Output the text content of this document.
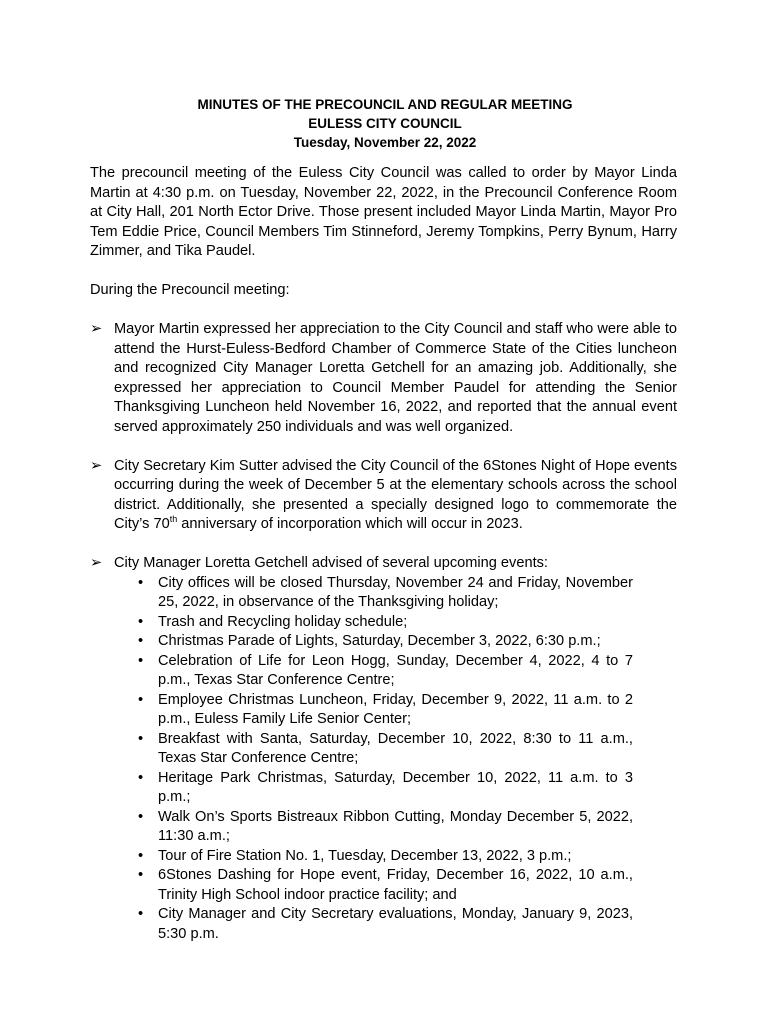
MINUTES OF THE PRECOUNCIL AND REGULAR MEETING
EULESS CITY COUNCIL
Tuesday, November 22, 2022

The precouncil meeting of the Euless City Council was called to order by Mayor Linda Martin at 4:30 p.m. on Tuesday, November 22, 2022, in the Precouncil Conference Room at City Hall, 201 North Ector Drive. Those present included Mayor Linda Martin, Mayor Pro Tem Eddie Price, Council Members Tim Stinneford, Jeremy Tompkins, Perry Bynum, Harry Zimmer, and Tika Paudel.

During the Precouncil meeting:

➢ Mayor Martin expressed her appreciation to the City Council and staff who were able to attend the Hurst-Euless-Bedford Chamber of Commerce State of the Cities luncheon and recognized City Manager Loretta Getchell for an amazing job. Additionally, she expressed her appreciation to Council Member Paudel for attending the Senior Thanksgiving Luncheon held November 16, 2022, and reported that the annual event served approximately 250 individuals and was well organized.
➢ City Secretary Kim Sutter advised the City Council of the 6Stones Night of Hope events occurring during the week of December 5 at the elementary schools across the school district. Additionally, she presented a specially designed logo to commemorate the City’s 70th anniversary of incorporation which will occur in 2023.
➢ City Manager Loretta Getchell advised of several upcoming events:
• City offices will be closed Thursday, November 24 and Friday, November 25, 2022, in observance of the Thanksgiving holiday;
• Trash and Recycling holiday schedule;
• Christmas Parade of Lights, Saturday, December 3, 2022, 6:30 p.m.;
• Celebration of Life for Leon Hogg, Sunday, December 4, 2022, 4 to 7 p.m., Texas Star Conference Centre;
• Employee Christmas Luncheon, Friday, December 9, 2022, 11 a.m. to 2 p.m., Euless Family Life Senior Center;
• Breakfast with Santa, Saturday, December 10, 2022, 8:30 to 11 a.m., Texas Star Conference Centre;
• Heritage Park Christmas, Saturday, December 10, 2022, 11 a.m. to 3 p.m.;
• Walk On’s Sports Bistreaux Ribbon Cutting, Monday December 5, 2022, 11:30 a.m.;
• Tour of Fire Station No. 1, Tuesday, December 13, 2022, 3 p.m.;
• 6Stones Dashing for Hope event, Friday, December 16, 2022, 10 a.m., Trinity High School indoor practice facility; and
• City Manager and City Secretary evaluations, Monday, January 9, 2023, 5:30 p.m.
